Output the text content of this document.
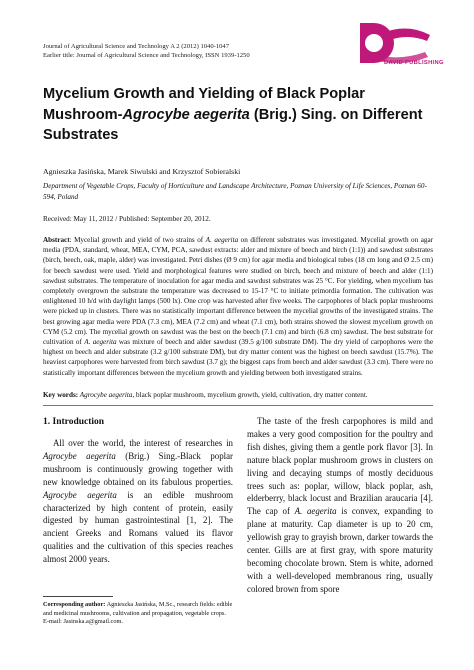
Journal of Agricultural Science and Technology A 2 (2012) 1040-1047
Earlier title: Journal of Agricultural Science and Technology, ISSN 1939-1250
DAVID PUBLISHING
Mycelium Growth and Yielding of Black Poplar
Mushroom-Agrocybe aegerita (Brig.) Sing. on Different
Substrates
Agnieszka Jasińska, Marek Siwulski and Krzysztof Sobieralski
Department of Vegetable Crops, Faculty of Horticulture and Landscape Architecture, Poznan University of Life Sciences, Poznan 60-594, Poland
Received: May 11, 2012 / Published: September 20, 2012.
Abstract: Mycelial growth and yield of two strains of A. aegerita on different substrates was investigated. Mycelial growth on agar media (PDA, standard, wheat, MEA, CYM, PCA, sawdust extracts: alder and mixture of beech and birch (1:1)) and sawdust substrates (birch, beech, oak, maple, alder) was investigated. Petri dishes (Ø 9 cm) for agar media and biological tubes (18 cm long and Ø 2.5 cm) for beech sawdust were used. Yield and morphological features were studied on birch, beech and mixture of beech and alder (1:1) sawdust substrates. The temperature of inoculation for agar media and sawdust substrates was 25 °C. For yielding, when mycelium has completely overgrown the substrate the temperature was decreased to 15-17 °C to initiate primordia formation. The cultivation was enlightened 10 h/d with daylight lamps (500 lx). One crop was harvested after five weeks. The carpophores of black poplar mushrooms were picked up in clusters. There was no statistically important difference between the mycelial growths of the investigated strains. The best growing agar media were PDA (7.3 cm), MEA (7.2 cm) and wheat (7.1 cm), both strains showed the slowest mycelium growth on CYM (5.2 cm). The mycelial growth on sawdust was the best on the beech (7.1 cm) and birch (6.8 cm) sawdust. The best substrate for cultivation of A. aegerita was mixture of beech and alder sawdust (39.5 g/100 substrate DM). The dry yield of carpophores were the highest on beech and alder substrate (3.2 g/100 substrate DM), but dry matter content was the highest on beech sawdust (15.7%). The heaviest carpophores were harvested from birch sawdust (3.7 g); the biggest caps from beech and alder sawdust (3.3 cm). There were no statistically important differences between the mycelium growth and yielding between both investigated strains.
Key words: Agrocybe aegerita, black poplar mushroom, mycelium growth, yield, cultivation, dry matter content.
1. Introduction

All over the world, the interest of researches in Agrocybe aegerita (Brig.) Sing.-Black poplar mushroom is continuously growing together with new knowledge obtained on its fabulous properties. Agrocybe aegerita is an edible mushroom characterized by high content of protein, easily digested by human gastrointestinal [1, 2]. The ancient Greeks and Romans valued its flavor qualities and the cultivation of this species reaches almost 2000 years.

The taste of the fresh carpophores is mild and makes a very good composition for the poultry and fish dishes, giving them a gentle pork flavor [3]. In nature black poplar mushroom grows in clusters on living and decaying stumps of mostly deciduous trees such as: poplar, willow, black poplar, ash, elderberry, black locust and Brazilian araucaria [4]. The cap of A. aegerita is convex, expanding to plane at maturity. Cap diameter is up to 20 cm, yellowish gray to grayish brown, darker towards the center. Gills are at first gray, with spore maturity becoming chocolate brown. Stem is white, adorned with a well-developed membranous ring, usually colored brown from spore

Corresponding author: Agnieszka Jasińska, M.Sc., research fields: edible and medicinal mushrooms, cultivation and propagation, vegetable crops. E-mail: Jasinska.a@gmail.com.
